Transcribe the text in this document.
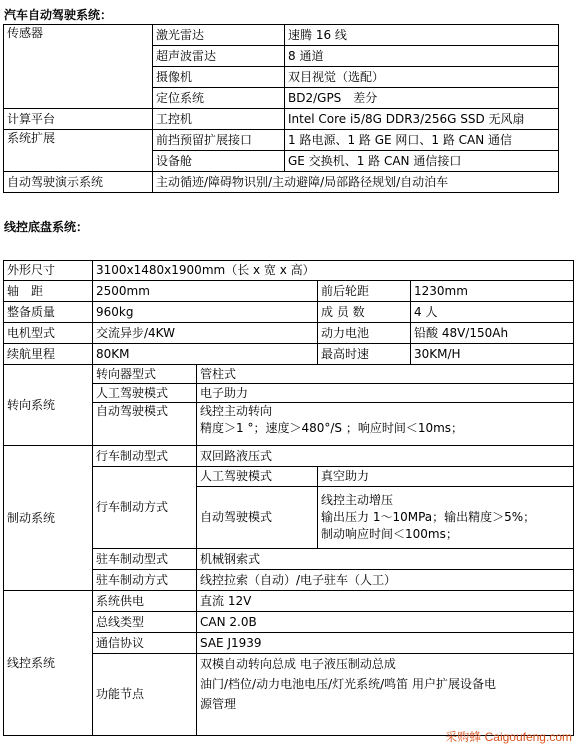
汽车自动驾驶系统：
传感器	激光雷达	速腾 16 线
	超声波雷达	8 通道
	摄像机	双目视觉（选配）
	定位系统	BD2/GPS　差分
计算平台	工控机	Intel Core i5/8G DDR3/256G SSD 无风扇
系统扩展	前挡预留扩展接口	1 路电源、1 路 GE 网口、1 路 CAN 通信
	设备舱	GE 交换机、1 路 CAN 通信接口
自动驾驶演示系统	主动循迹/障碍物识别/主动避障/局部路径规划/自动泊车	
线控底盘系统：
外形尺寸	3100x1480x1900mm（长 x 宽 x 高）			
轴　距	2500mm		前后轮距	1230mm
整备质量	960kg		成 员 数	4 人
电机型式	交流异步/4KW		动力电池	铅酸 48V/150Ah
续航里程	80KM		最高时速	30KM/H
转向系统	转向器型式	管柱式		
	人工驾驶模式	电子助力		
	自动驾驶模式	线控主动转向
精度＞1 °；速度＞480°/S ；响应时间＜10ms；		

制动系统	行车制动型式	双回路液压式		
	行车制动方式	人工驾驶模式	真空助力	
		自动驾驶模式	线控主动增压
输出压力 1～10MPa；输出精度＞5%；
制动响应时间＜100ms；	

	驻车制动型式	机械钢索式		
	驻车制动方式	线控拉索（自动）/电子驻车（人工）		
线控系统	系统供电	直流 12V		
	总线类型	CAN 2.0B		
	通信协议	SAE J1939		
	功能节点	双模自动转向总成 电子液压制动总成
油门/档位/动力电池电压/灯光系统/鸣笛 用户扩展设备电
源管理		
采购蜂 Caigoufeng.com
